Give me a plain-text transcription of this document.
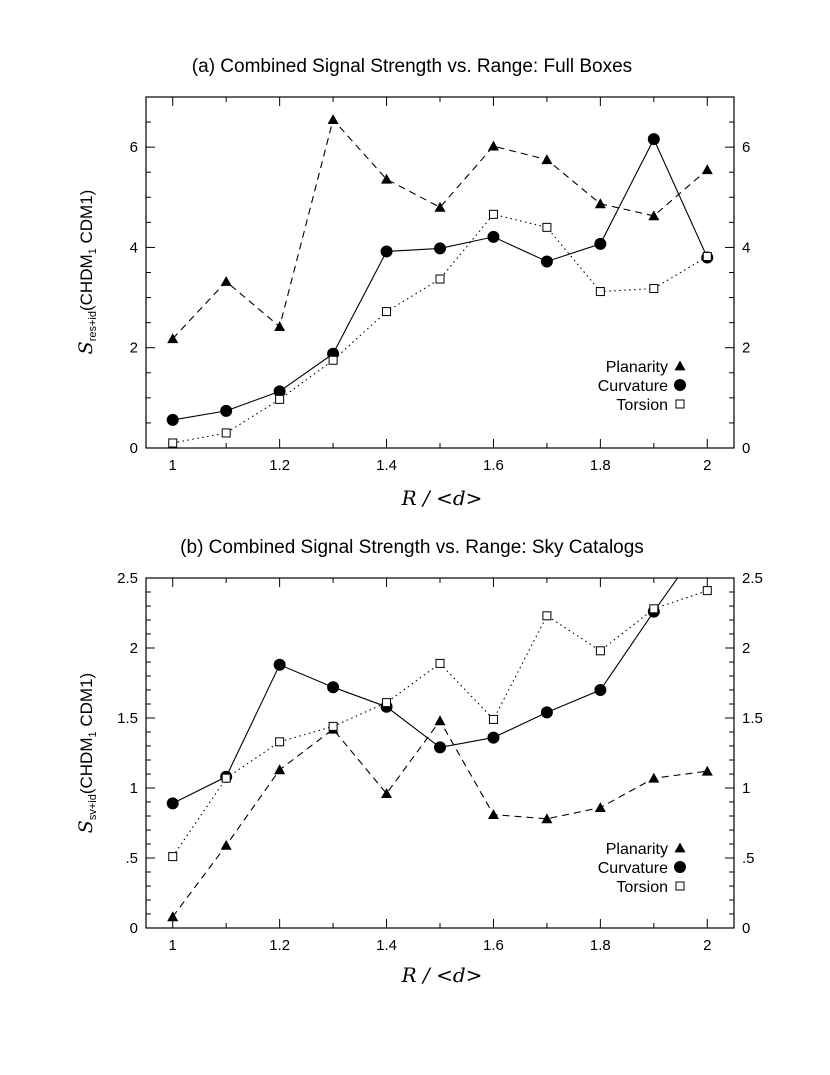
(a) Combined Signal Strength vs. Range: Full Boxes
R / <d>
1	1.2	1.4	1.6	1.8	2
0	0
2	2
4	4
6	6
$S_{res+id}(CHDM_1$ CDM1)
Planarity
Curvature
Torsion
(b) Combined Signal Strength vs. Range: Sky Catalogs
R / <d>
1	1.2	1.4	1.6	1.8	2
0	0
.5	.5
1	1
1.5	1.5
2	2
2.5	2.5
$S_{sv+id}(CHDM_1$ CDM1)
Planarity
Curvature
Torsion
